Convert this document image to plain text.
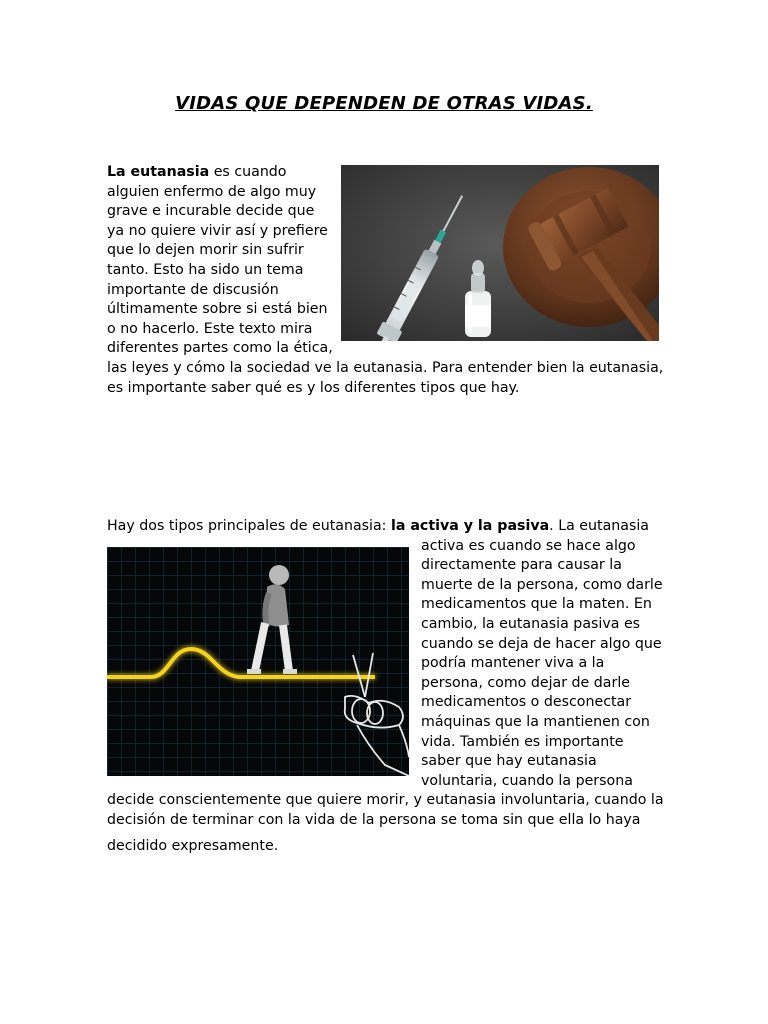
VIDAS QUE DEPENDEN DE OTRAS VIDAS.
La eutanasia es cuando alguien enfermo de algo muy grave e incurable decide que ya no quiere vivir así y prefiere que lo dejen morir sin sufrir tanto. Esto ha sido un tema importante de discusión últimamente sobre si está bien o no hacerlo. Este texto mira diferentes partes como la ética, las leyes y cómo la sociedad ve la eutanasia. Para entender bien la eutanasia, es importante saber qué es y los diferentes tipos que hay.
Hay dos tipos principales de eutanasia: la activa y la pasiva.
La eutanasia activa es cuando se hace algo directamente para causar la muerte de la persona, como darle medicamentos que la maten. En cambio, la eutanasia pasiva es cuando se deja de hacer algo que podría mantener viva a la persona, como dejar de darle medicamentos o desconectar máquinas que la mantienen con vida. También es importante saber que hay eutanasia voluntaria, cuando la persona decide conscientemente que quiere morir, y eutanasia involuntaria, cuando la decisión de terminar con la vida de la persona se toma sin que ella lo haya decidido expresamente.
